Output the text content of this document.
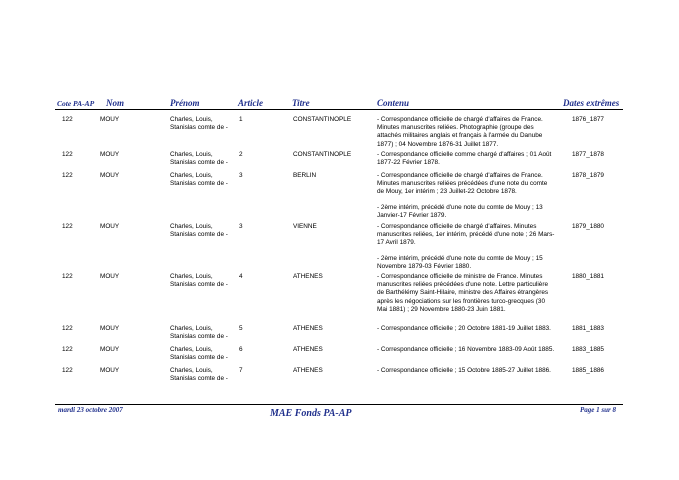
Cote PA-AP Nom	Prénom	Article	Titre	Contenu	Dates extrêmes
122	MOUY	Charles, Louis,
Stanislas comte de -
1	CONSTANTINOPLE	- Correspondance officielle de chargé d'affaires de France. Minutes manuscrites reliées. Photographie (groupe des attachés militaires anglais et français à l'armée du Danube 1877) ; 04 Novembre 1876-31 Juillet 1877.

1876_1877
122	MOUY	Charles, Louis,
Stanislas comte de -
2	CONSTANTINOPLE	- Correspondance officielle comme chargé d'affaires ; 01 Août 1877-22 Février 1878.

1877_1878
122	MOUY	Charles, Louis,
Stanislas comte de -
3	BERLIN	- Correspondance officielle de chargé d'affaires de France. Minutes manuscrites reliées précédées d'une note du comte de Mouy, 1er intérim ; 23 Juillet-22 Octobre 1878.

- 2ème intérim, précédé d'une note du comte de Mouy ; 13 Janvier-17 Février 1879.

1878_1879
122	MOUY	Charles, Louis,
Stanislas comte de -
3	VIENNE	- Correspondance officielle de chargé d'affaires. Minutes manuscrites reliées, 1er intérim, précédé d'une note ; 26 Mars-17 Avril 1879.

- 2ème intérim, précédé d'une note du comte de Mouy ; 15 Novembre 1879-03 Février 1880.

1879_1880
122	MOUY	Charles, Louis,
Stanislas comte de -
4	ATHENES	- Correspondance officielle de ministre de France. Minutes manuscrites reliées précédées d'une note. Lettre particulière de Barthélémy Saint-Hilaire, ministre des Affaires étrangères après les négociations sur les frontières turco-grecques (30 Mai 1881) ; 29 Novembre 1880-23 Juin 1881.

1880_1881
122	MOUY	Charles, Louis,
Stanislas comte de -
5	ATHENES	- Correspondance officielle ; 20 Octobre 1881-19 Juillet 1883.	1881_1883
122	MOUY	Charles, Louis,
Stanislas comte de -
6	ATHENES	- Correspondance officielle ; 16 Novembre 1883-09 Août 1885.	1883_1885
122	MOUY	Charles, Louis,
Stanislas comte de -
7	ATHENES	- Correspondance officielle ; 15 Octobre 1885-27 Juillet 1886.	1885_1886
mardi 23 octobre 2007	MAE Fonds PA-AP	Page 1 sur 8
